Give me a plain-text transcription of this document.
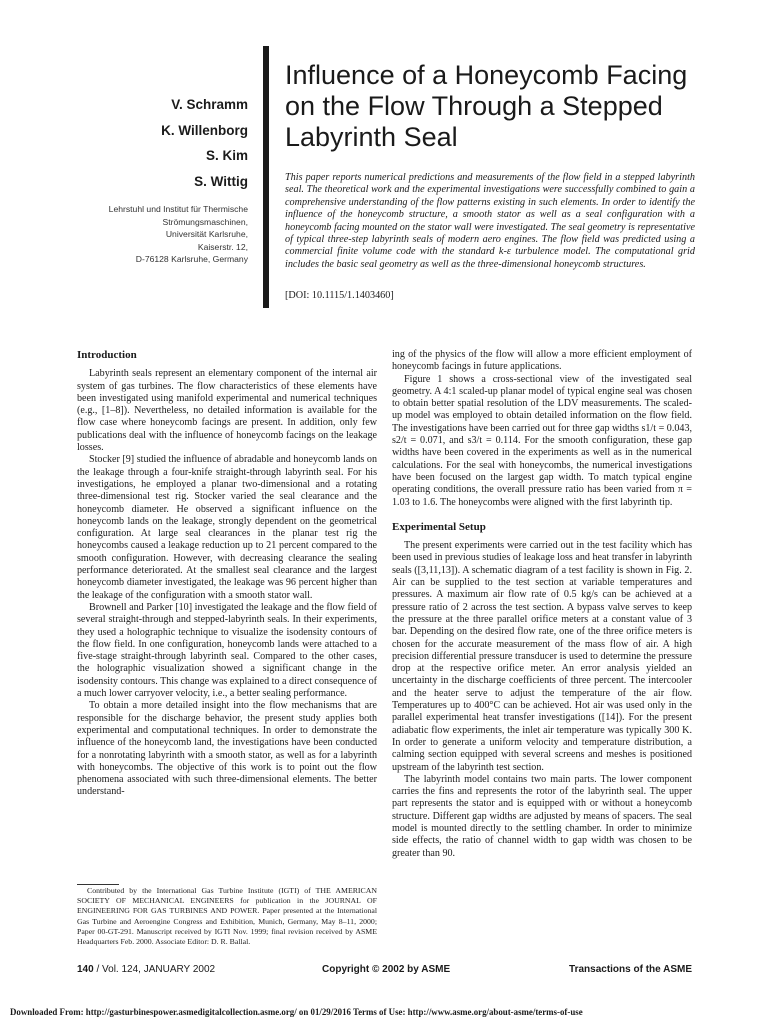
V. Schramm
K. Willenborg
S. Kim
S. Wittig
Lehrstuhl und Institut für Thermische
Strömungsmaschinen,
Universität Karlsruhe,
Kaiserstr. 12,
D-76128 Karlsruhe, Germany
Influence of a Honeycomb Facing
on the Flow Through a Stepped
Labyrinth Seal
This paper reports numerical predictions and measurements of the flow field in a stepped labyrinth seal. The theoretical work and the experimental investigations were successfully combined to gain a comprehensive understanding of the flow patterns existing in such elements. In order to identify the influence of the honeycomb structure, a smooth stator as well as a seal configuration with a honeycomb facing mounted on the stator wall were investigated. The seal geometry is representative of typical three-step labyrinth seals of modern aero engines. The flow field was predicted using a commercial finite volume code with the standard k-ε turbulence model. The computational grid includes the basic seal geometry as well as the three-dimensional honeycomb structures.
[DOI: 10.1115/1.1403460]
Introduction

Labyrinth seals represent an elementary component of the internal air system of gas turbines. The flow characteristics of these elements have been investigated using manifold experimental and numerical techniques (e.g., [1–8]). Nevertheless, no detailed information is available for the flow case where honeycomb facings are present. In addition, only few publications deal with the influence of honeycomb facings on the leakage losses.

Stocker [9] studied the influence of abradable and honeycomb lands on the leakage through a four-knife straight-through labyrinth seal. For his investigations, he employed a planar two-dimensional and a rotating three-dimensional test rig. Stocker varied the seal clearance and the honeycomb diameter. He observed a significant influence on the honeycomb lands on the leakage, strongly dependent on the geometrical configuration. At large seal clearances in the planar test rig the honeycombs caused a leakage reduction up to 21 percent compared to the smooth configuration. However, with decreasing clearance the sealing performance deteriorated. At the smallest seal clearance and the largest honeycomb diameter investigated, the leakage was 96 percent higher than the leakage of the configuration with a smooth stator wall.

Brownell and Parker [10] investigated the leakage and the flow field of several straight-through and stepped-labyrinth seals. In their experiments, they used a holographic technique to visualize the isodensity contours of the flow field. In one configuration, honeycomb lands were attached to a five-stage straight-through labyrinth seal. Compared to the other cases, the holographic visualization showed a significant change in the isodensity contours. This change was explained to a direct consequence of a much lower carryover velocity, i.e., a better sealing performance.

To obtain a more detailed insight into the flow mechanisms that are responsible for the discharge behavior, the present study applies both experimental and computational techniques. In order to demonstrate the influence of the honeycomb land, the investigations have been conducted for a nonrotating labyrinth with a smooth stator, as well as for a labyrinth with honeycombs. The objective of this work is to point out the flow phenomena associated with such three-dimensional elements. The better understand-

ing of the physics of the flow will allow a more efficient employment of honeycomb facings in future applications.

Figure 1 shows a cross-sectional view of the investigated seal geometry. A 4:1 scaled-up planar model of typical engine seal was chosen to obtain better spatial resolution of the LDV measurements. The scaled-up model was employed to obtain detailed information on the flow field. The investigations have been carried out for three gap widths s1/t = 0.043, s2/t = 0.071, and s3/t = 0.114. For the smooth configuration, these gap widths have been covered in the experiments as well as in the numerical calculations. For the seal with honeycombs, the numerical investigations have been focused on the largest gap width. To match typical engine operating conditions, the overall pressure ratio has been varied from π = 1.03 to 1.6. The honeycombs were aligned with the first labyrinth tip.

Experimental Setup

The present experiments were carried out in the test facility which has been used in previous studies of leakage loss and heat transfer in labyrinth seals ([3,11,13]). A schematic diagram of a test facility is shown in Fig. 2. Air can be supplied to the test section at variable temperatures and pressures. A maximum air flow rate of 0.5 kg/s can be achieved at a pressure ratio of 2 across the test section. A bypass valve serves to keep the pressure at the three parallel orifice meters at a constant value of 3 bar. Depending on the desired flow rate, one of the three orifice meters is chosen for the accurate measurement of the mass flow of air. A high precision differential pressure transducer is used to determine the pressure drop at the respective orifice meter. An error analysis yielded an uncertainty in the discharge coefficients of three percent. The intercooler and the heater serve to adjust the temperature of the air flow. Temperatures up to 400°C can be achieved. Hot air was used only in the parallel experimental heat transfer investigations ([14]). For the present adiabatic flow experiments, the inlet air temperature was typically 300 K. In order to generate a uniform velocity and temperature distribution, a calming section equipped with several screens and meshes is positioned upstream of the labyrinth test section.

The labyrinth model contains two main parts. The lower component carries the fins and represents the rotor of the labyrinth seal. The upper part represents the stator and is equipped with or without a honeycomb structure. Different gap widths are adjusted by means of spacers. The seal model is mounted directly to the settling chamber. In order to minimize side effects, the ratio of channel width to gap width was chosen to be greater than 90.

Contributed by the International Gas Turbine Institute (IGTI) of THE AMERICAN SOCIETY OF MECHANICAL ENGINEERS for publication in the JOURNAL OF ENGINEERING FOR GAS TURBINES AND POWER. Paper presented at the International Gas Turbine and Aeroengine Congress and Exhibition, Munich, Germany, May 8–11, 2000; Paper 00-GT-291. Manuscript received by IGTI Nov. 1999; final revision received by ASME Headquarters Feb. 2000. Associate Editor: D. R. Ballal.
140 / Vol. 124, JANUARY 2002	Copyright © 2002 by ASME	Transactions of the ASME
Downloaded From: http://gasturbinespower.asmedigitalcollection.asme.org/ on 01/29/2016 Terms of Use: http://www.asme.org/about-asme/terms-of-use
